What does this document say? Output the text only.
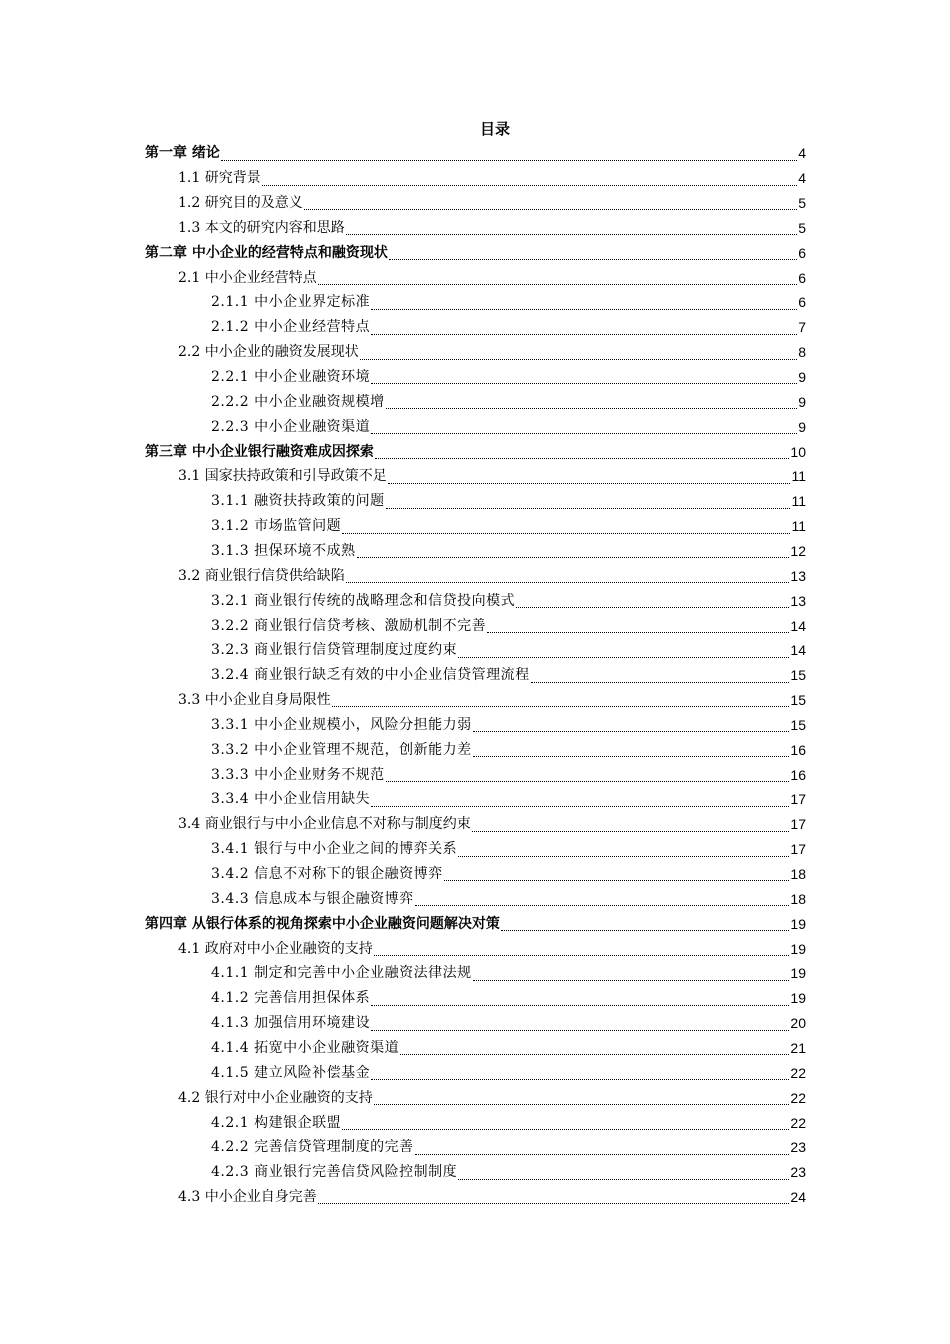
目录
第一章 绪论	4
1.1 研究背景	4
1.2 研究目的及意义	5
1.3 本文的研究内容和思路	5
第二章 中小企业的经营特点和融资现状	6
2.1 中小企业经营特点	6
2.1.1 中小企业界定标准	6
2.1.2 中小企业经营特点	7
2.2 中小企业的融资发展现状	8
2.2.1 中小企业融资环境	9
2.2.2 中小企业融资规模增	9
2.2.3 中小企业融资渠道	9
第三章 中小企业银行融资难成因探索	10
3.1 国家扶持政策和引导政策不足	11
3.1.1 融资扶持政策的问题	11
3.1.2 市场监管问题	11
3.1.3 担保环境不成熟	12
3.2 商业银行信贷供给缺陷	13
3.2.1 商业银行传统的战略理念和信贷投向模式	13
3.2.2 商业银行信贷考核、激励机制不完善	14
3.2.3 商业银行信贷管理制度过度约束	14
3.2.4 商业银行缺乏有效的中小企业信贷管理流程	15
3.3 中小企业自身局限性	15
3.3.1 中小企业规模小，风险分担能力弱	15
3.3.2 中小企业管理不规范，创新能力差	16
3.3.3 中小企业财务不规范	16
3.3.4 中小企业信用缺失	17
3.4 商业银行与中小企业信息不对称与制度约束	17
3.4.1 银行与中小企业之间的博弈关系	17
3.4.2 信息不对称下的银企融资博弈	18
3.4.3 信息成本与银企融资博弈	18
第四章 从银行体系的视角探索中小企业融资问题解决对策	19
4.1 政府对中小企业融资的支持	19
4.1.1 制定和完善中小企业融资法律法规	19
4.1.2 完善信用担保体系	19
4.1.3 加强信用环境建设	20
4.1.4 拓宽中小企业融资渠道	21
4.1.5 建立风险补偿基金	22
4.2 银行对中小企业融资的支持	22
4.2.1 构建银企联盟	22
4.2.2 完善信贷管理制度的完善	23
4.2.3 商业银行完善信贷风险控制制度	23
4.3 中小企业自身完善	24
